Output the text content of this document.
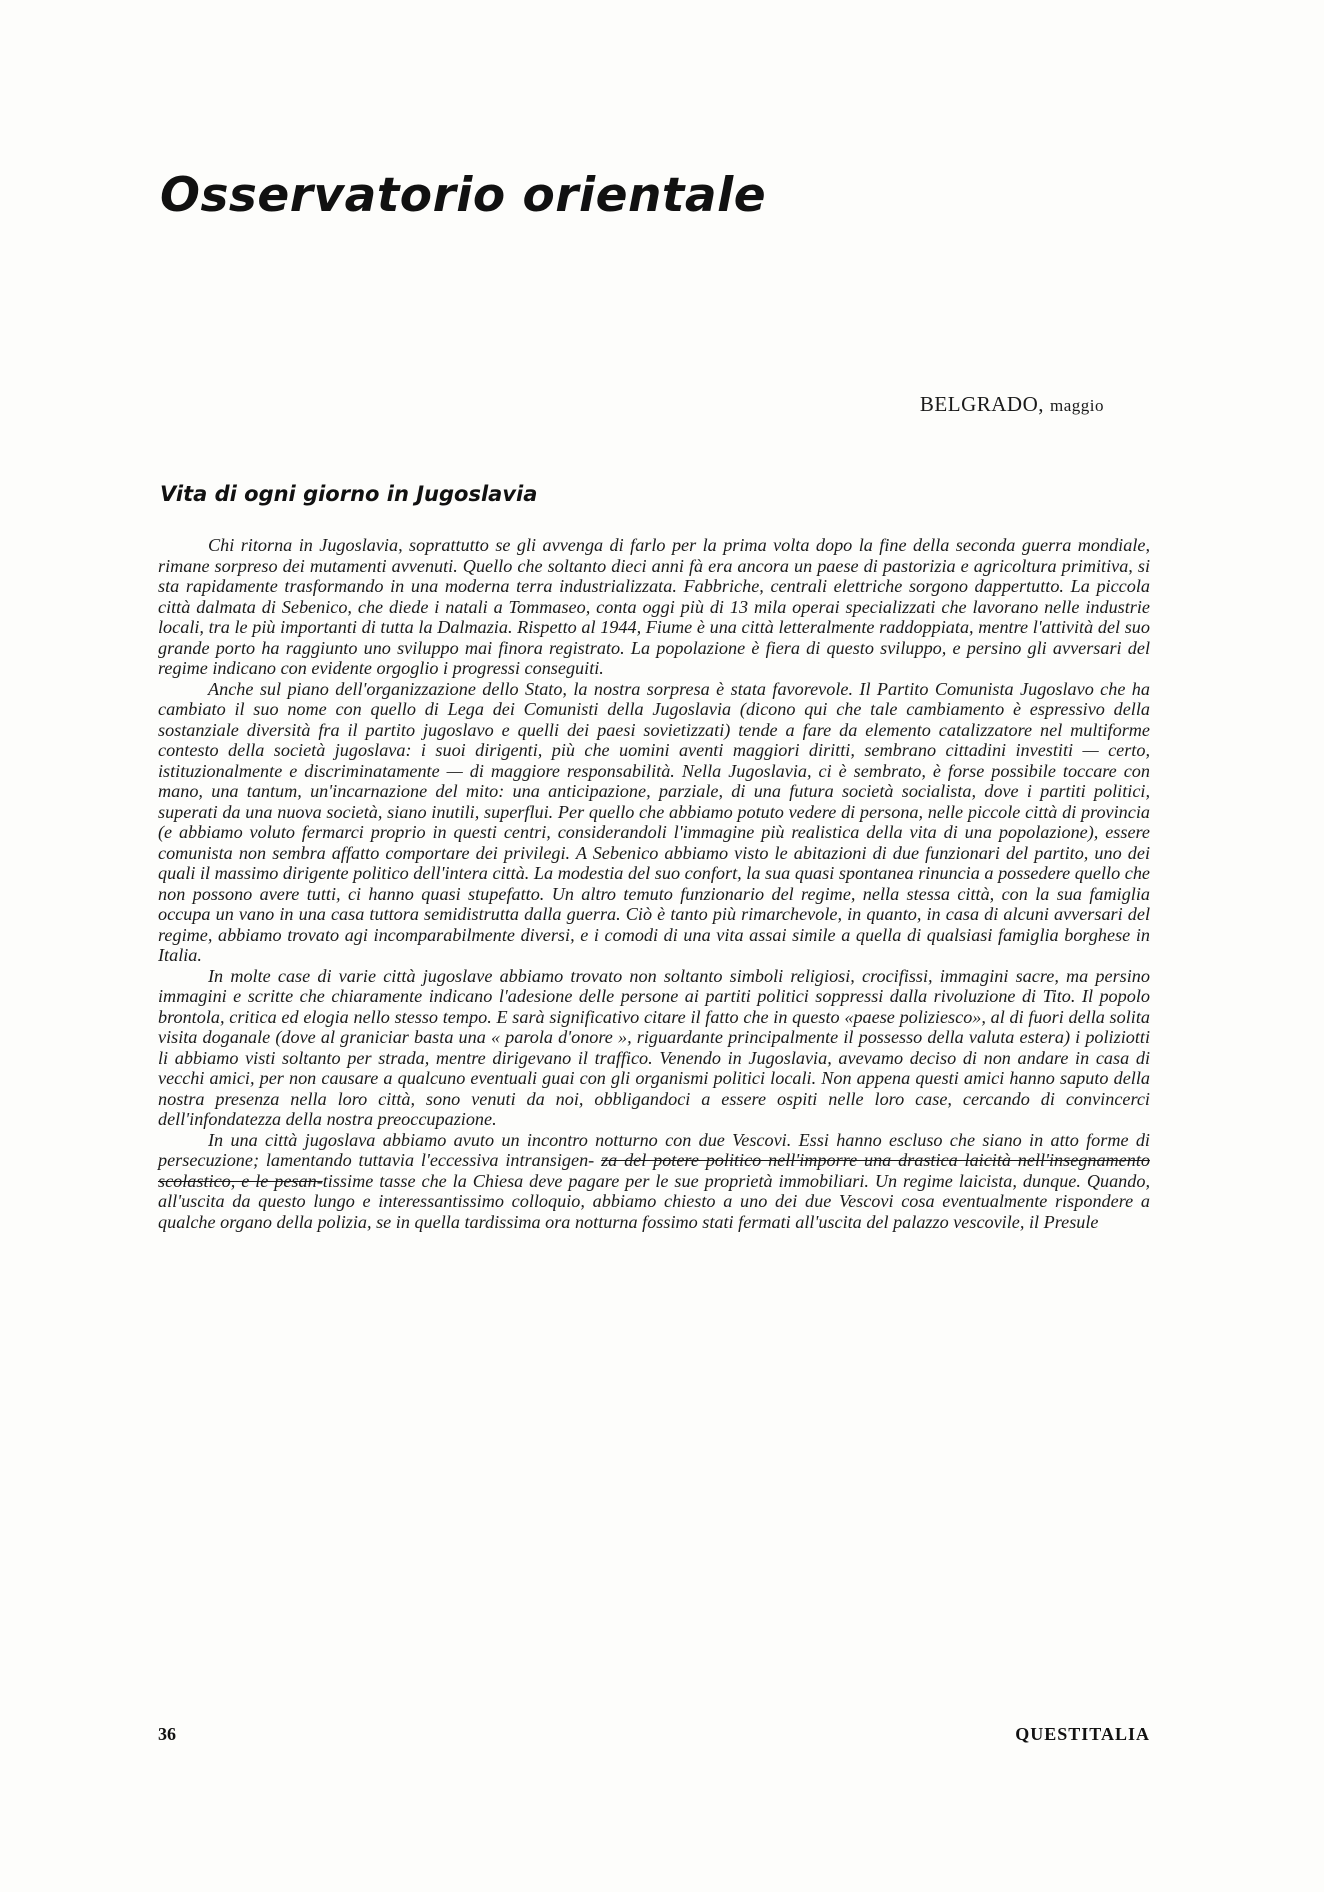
Osservatorio orientale
BELGRADO, maggio
Vita di ogni giorno in Jugoslavia

Chi ritorna in Jugoslavia, soprattutto se gli avvenga di farlo per la prima volta dopo la fine della seconda guerra mondiale, rimane sorpreso dei mutamenti avvenuti. Quello che soltanto dieci anni fà era ancora un paese di pastorizia e agricoltura primitiva, si sta rapidamente trasformando in una moderna terra industrializzata. Fabbriche, centrali elettriche sorgono dappertutto. La piccola città dalmata di Sebenico, che diede i natali a Tommaseo, conta oggi più di 13 mila operai specializzati che lavorano nelle industrie locali, tra le più importanti di tutta la Dalmazia. Rispetto al 1944, Fiume è una città letteralmente raddoppiata, mentre l'attività del suo grande porto ha raggiunto uno sviluppo mai finora registrato. La popolazione è fiera di questo sviluppo, e persino gli avversari del regime indicano con evidente orgoglio i progressi conseguiti.

Anche sul piano dell'organizzazione dello Stato, la nostra sorpresa è stata favorevole. Il Partito Comunista Jugoslavo che ha cambiato il suo nome con quello di Lega dei Comunisti della Jugoslavia (dicono qui che tale cambiamento è espressivo della sostanziale diversità fra il partito jugoslavo e quelli dei paesi sovietizzati) tende a fare da elemento catalizzatore nel multiforme contesto della società jugoslava: i suoi dirigenti, più che uomini aventi maggiori diritti, sembrano cittadini investiti — certo, istituzionalmente e discriminatamente — di maggiore responsabilità. Nella Jugoslavia, ci è sembrato, è forse possibile toccare con mano, una tantum, un'incarnazione del mito: una anticipazione, parziale, di una futura società socialista, dove i partiti politici, superati da una nuova società, siano inutili, superflui. Per quello che abbiamo potuto vedere di persona, nelle piccole città di provincia (e abbiamo voluto fermarci proprio in questi centri, considerandoli l'immagine più realistica della vita di una popolazione), essere comunista non sembra affatto comportare dei privilegi. A Sebenico abbiamo visto le abitazioni di due funzionari del partito, uno dei quali il massimo dirigente politico dell'intera città. La modestia del suo confort, la sua quasi spontanea rinuncia a possedere quello che non possono avere tutti, ci hanno quasi stupefatto. Un altro temuto funzionario del regime, nella stessa città, con la sua famiglia occupa un vano in una casa tuttora semidistrutta dalla guerra. Ciò è tanto più rimarchevole, in quanto, in casa di alcuni avversari del regime, abbiamo trovato agi incomparabilmente diversi, e i comodi di una vita assai simile a quella di qualsiasi famiglia borghese in Italia.

In molte case di varie città jugoslave abbiamo trovato non soltanto simboli religiosi, crocifissi, immagini sacre, ma persino immagini e scritte che chiaramente indicano l'adesione delle persone ai partiti politici soppressi dalla rivoluzione di Tito. Il popolo brontola, critica ed elogia nello stesso tempo. E sarà significativo citare il fatto che in questo «paese poliziesco», al di fuori della solita visita doganale (dove al graniciar basta una « parola d'onore », riguardante principalmente il possesso della valuta estera) i poliziotti li abbiamo visti soltanto per strada, mentre dirigevano il traffico. Venendo in Jugoslavia, avevamo deciso di non andare in casa di vecchi amici, per non causare a qualcuno eventuali guai con gli organismi politici locali. Non appena questi amici hanno saputo della nostra presenza nella loro città, sono venuti da noi, obbligandoci a essere ospiti nelle loro case, cercando di convincerci dell'infondatezza della nostra preoccupazione.

In una città jugoslava abbiamo avuto un incontro notturno con due Vescovi. Essi hanno escluso che siano in atto forme di persecuzione; lamentando tuttavia l'eccessiva intransigen- za del potere politico nell'imporre una drastica laicità nell'insegnamento scolastico, e le pesan-tissime tasse che la Chiesa deve pagare per le sue proprietà immobiliari. Un regime laicista, dunque. Quando, all'uscita da questo lungo e interessantissimo colloquio, abbiamo chiesto a uno dei due Vescovi cosa eventualmente rispondere a qualche organo della polizia, se in quella tardissima ora notturna fossimo stati fermati all'uscita del palazzo vescovile, il Presule

36	QUESTITALIA
